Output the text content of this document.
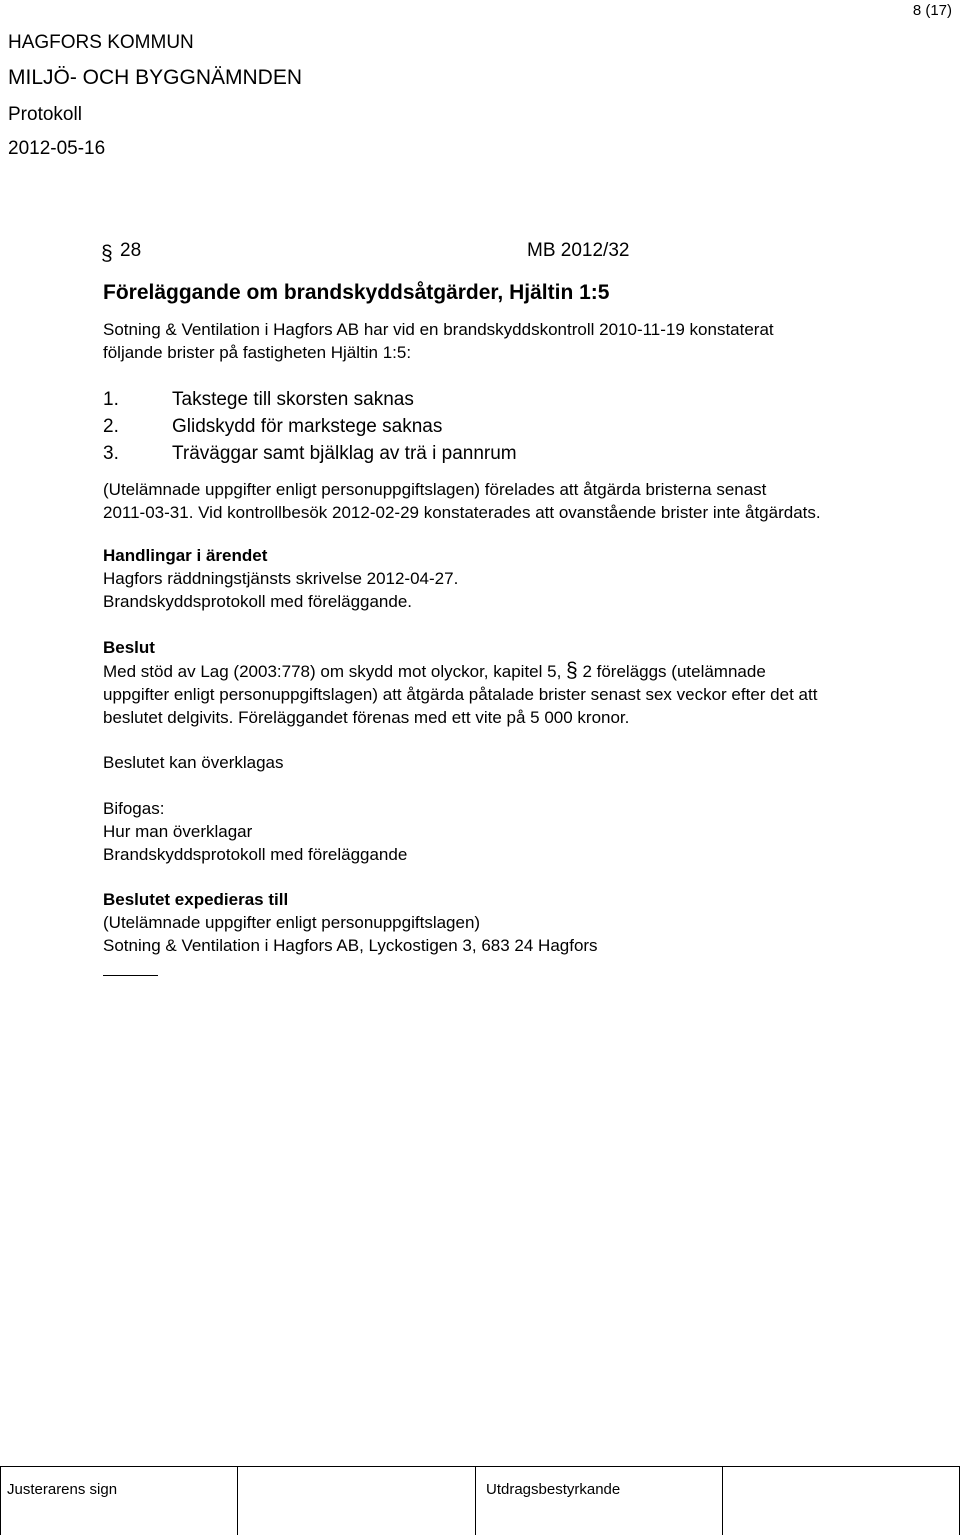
8 (17)
HAGFORS KOMMUN
MILJÖ- OCH BYGGNÄMNDEN
Protokoll
2012-05-16
§ 28	MB 2012/32
Föreläggande om brandskyddsåtgärder, Hjältin 1:5
Sotning & Ventilation i Hagfors AB har vid en brandskyddskontroll 2010-11-19 konstaterat
följande brister på fastigheten Hjältin 1:5:
1.	Takstege till skorsten saknas
2.	Glidskydd för markstege saknas
3.	Träväggar samt bjälklag av trä i pannrum
(Utelämnade uppgifter enligt personuppgiftslagen) förelades att åtgärda bristerna senast
2011-03-31. Vid kontrollbesök 2012-02-29 konstaterades att ovanstående brister inte åtgärdats.
Handlingar i ärendet
Hagfors räddningstjänsts skrivelse 2012-04-27.
Brandskyddsprotokoll med föreläggande.
Beslut
Med stöd av Lag (2003:778) om skydd mot olyckor, kapitel 5, § 2 föreläggs (utelämnade
uppgifter enligt personuppgiftslagen) att åtgärda påtalade brister senast sex veckor efter det att
beslutet delgivits. Föreläggandet förenas med ett vite på 5 000 kronor.
Beslutet kan överklagas
Bifogas:
Hur man överklagar
Brandskyddsprotokoll med föreläggande
Beslutet expedieras till
(Utelämnade uppgifter enligt personuppgiftslagen)
Sotning & Ventilation i Hagfors AB, Lyckostigen 3, 683 24 Hagfors
Justerarens sign	Utdragsbestyrkande
